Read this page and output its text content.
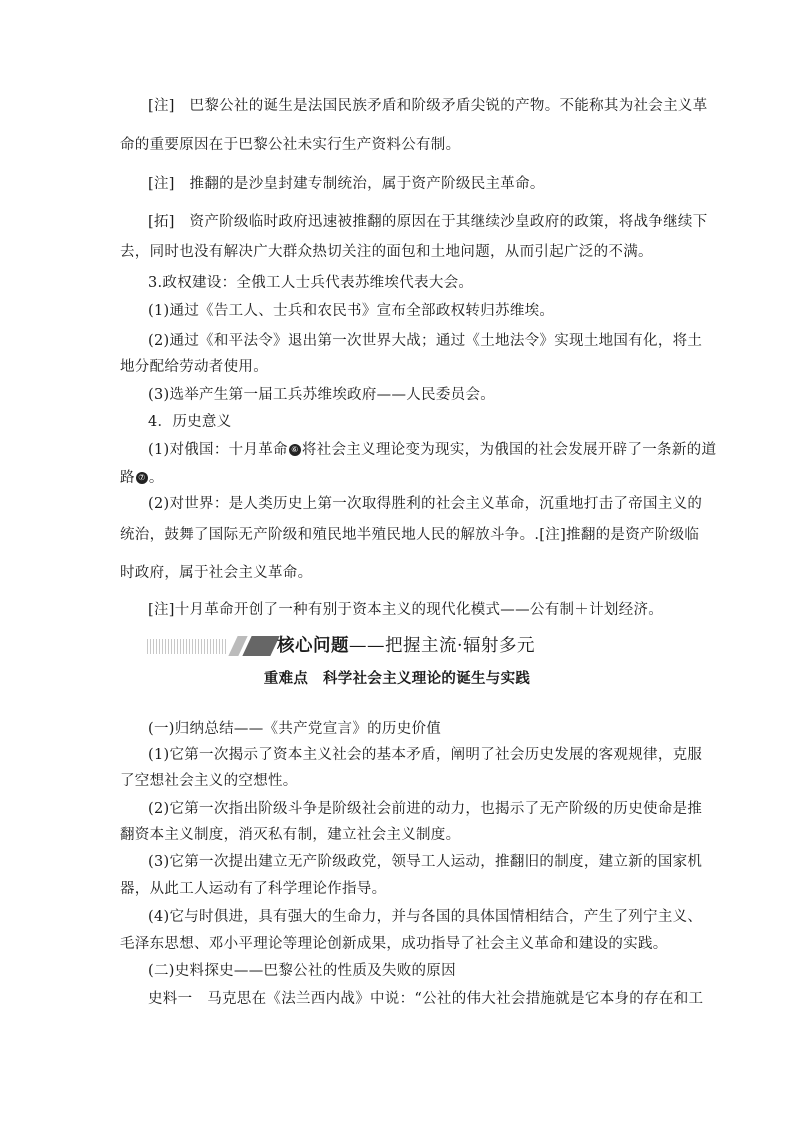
[注]　巴黎公社的诞生是法国民族矛盾和阶级矛盾尖锐的产物。不能称其为社会主义革
命的重要原因在于巴黎公社未实行生产资料公有制。
[注]　推翻的是沙皇封建专制统治，属于资产阶级民主革命。
[拓]　资产阶级临时政府迅速被推翻的原因在于其继续沙皇政府的政策，将战争继续下
去，同时也没有解决广大群众热切关注的面包和土地问题，从而引起广泛的不满。
3.政权建设：全俄工人士兵代表苏维埃代表大会。
(1)通过《告工人、士兵和农民书》宣布全部政权转归苏维埃。
(2)通过《和平法令》退出第一次世界大战；通过《土地法令》实现土地国有化，将土
地分配给劳动者使用。
(3)选举产生第一届工兵苏维埃政府——人民委员会。
4．历史意义
(1)对俄国：十月革命 ⑥ 将社会主义理论变为现实，为俄国的社会发展开辟了一条新的道
路 ⑦ 。
(2)对世界：是人类历史上第一次取得胜利的社会主义革命，沉重地打击了帝国主义的
统治，鼓舞了国际无产阶级和殖民地半殖民地人民的解放斗争。.[注]推翻的是资产阶级临
时政府，属于社会主义革命。
[注]十月革命开创了一种有别于资本主义的现代化模式——公有制＋计划经济。
核心问题——把握主流·辐射多元
重难点　科学社会主义理论的诞生与实践
(一)归纳总结——《共产党宣言》的历史价值
(1)它第一次揭示了资本主义社会的基本矛盾，阐明了社会历史发展的客观规律，克服
了空想社会主义的空想性。
(2)它第一次指出阶级斗争是阶级社会前进的动力，也揭示了无产阶级的历史使命是推
翻资本主义制度，消灭私有制，建立社会主义制度。
(3)它第一次提出建立无产阶级政党，领导工人运动，推翻旧的制度，建立新的国家机
器，从此工人运动有了科学理论作指导。
(4)它与时俱进，具有强大的生命力，并与各国的具体国情相结合，产生了列宁主义、
毛泽东思想、邓小平理论等理论创新成果，成功指导了社会主义革命和建设的实践。
(二)史料探史——巴黎公社的性质及失败的原因
史料一　马克思在《法兰西内战》中说：“公社的伟大社会措施就是它本身的存在和工
